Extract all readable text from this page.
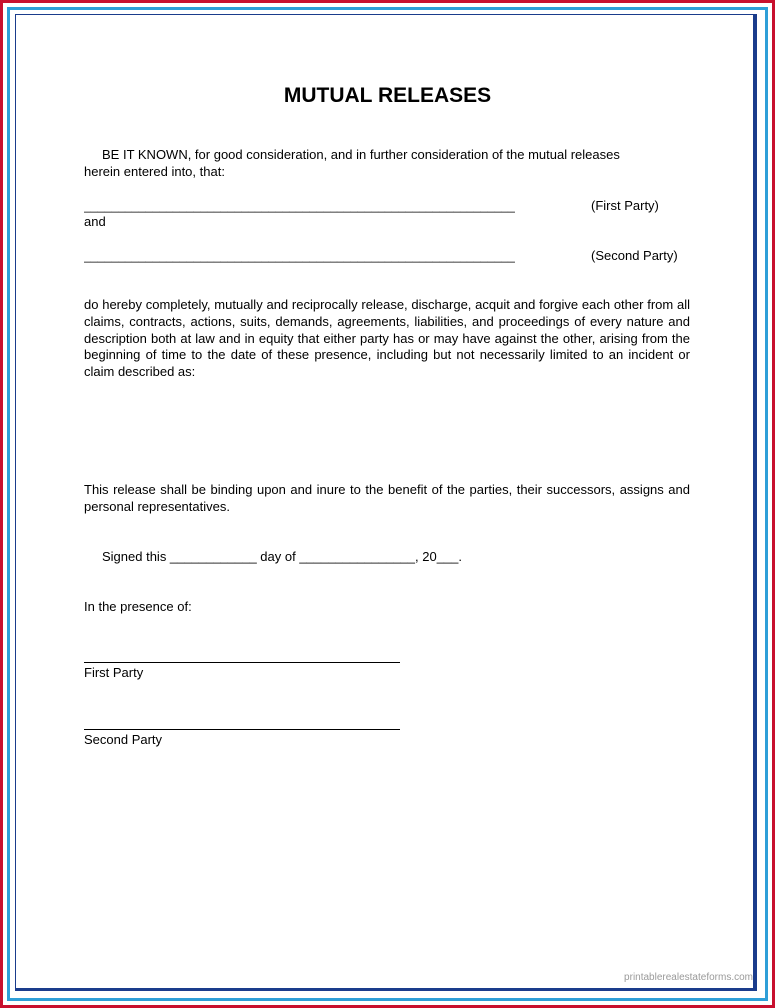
MUTUAL RELEASES
BE IT KNOWN, for good consideration, and in further consideration of the mutual releases
herein entered into, that:
_______________________________________________________________	(First Party)
and
_______________________________________________________________	(Second Party)
do hereby completely, mutually and reciprocally release, discharge, acquit and forgive each other from all claims, contracts, actions, suits, demands, agreements, liabilities, and proceedings of every nature and description both at law and in equity that either party has or may have against the other, arising from the beginning of time to the date of these presence, including but not necessarily limited to an incident or claim described as:
This release shall be binding upon and inure to the benefit of the parties, their successors, assigns and personal representatives.
Signed this ____________ day of ________________, 20___.
In the presence of:
First Party
Second Party
printablerealestateforms.com
